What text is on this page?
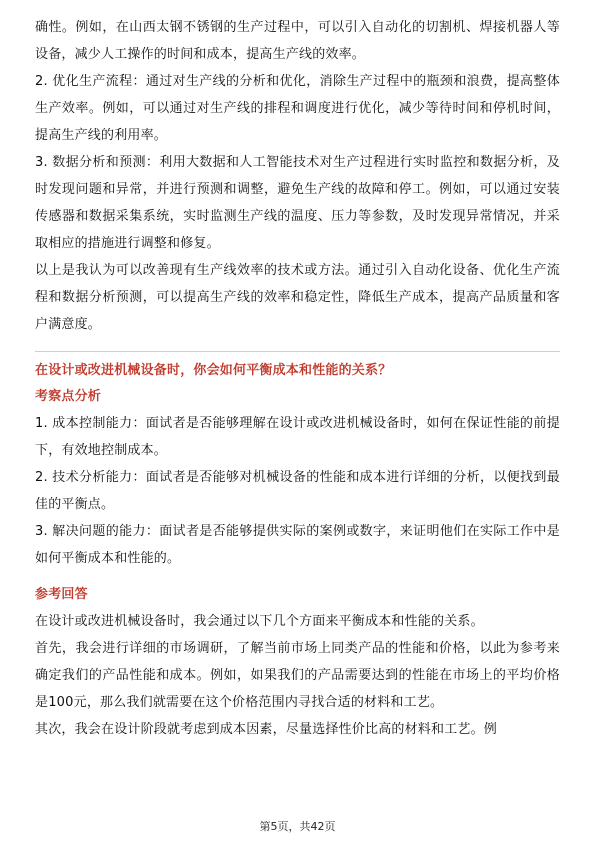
确性。例如，在山西太钢不锈钢的生产过程中，可以引入自动化的切割机、焊接机器人等设备，减少人工操作的时间和成本，提高生产线的效率。

2. 优化生产流程：通过对生产线的分析和优化，消除生产过程中的瓶颈和浪费，提高整体生产效率。例如，可以通过对生产线的排程和调度进行优化，减少等待时间和停机时间，提高生产线的利用率。

3. 数据分析和预测：利用大数据和人工智能技术对生产过程进行实时监控和数据分析，及时发现问题和异常，并进行预测和调整，避免生产线的故障和停工。例如，可以通过安装传感器和数据采集系统，实时监测生产线的温度、压力等参数，及时发现异常情况，并采取相应的措施进行调整和修复。

以上是我认为可以改善现有生产线效率的技术或方法。通过引入自动化设备、优化生产流程和数据分析预测，可以提高生产线的效率和稳定性，降低生产成本，提高产品质量和客户满意度。

在设计或改进机械设备时，你会如何平衡成本和性能的关系？

考察点分析

1. 成本控制能力：面试者是否能够理解在设计或改进机械设备时，如何在保证性能的前提下，有效地控制成本。

2. 技术分析能力：面试者是否能够对机械设备的性能和成本进行详细的分析，以便找到最佳的平衡点。

3. 解决问题的能力：面试者是否能够提供实际的案例或数字，来证明他们在实际工作中是如何平衡成本和性能的。

参考回答

在设计或改进机械设备时，我会通过以下几个方面来平衡成本和性能的关系。

首先，我会进行详细的市场调研，了解当前市场上同类产品的性能和价格，以此为参考来确定我们的产品性能和成本。例如，如果我们的产品需要达到的性能在市场上的平均价格是100元，那么我们就需要在这个价格范围内寻找合适的材料和工艺。

其次，我会在设计阶段就考虑到成本因素，尽量选择性价比高的材料和工艺。例

第5页，共42页
